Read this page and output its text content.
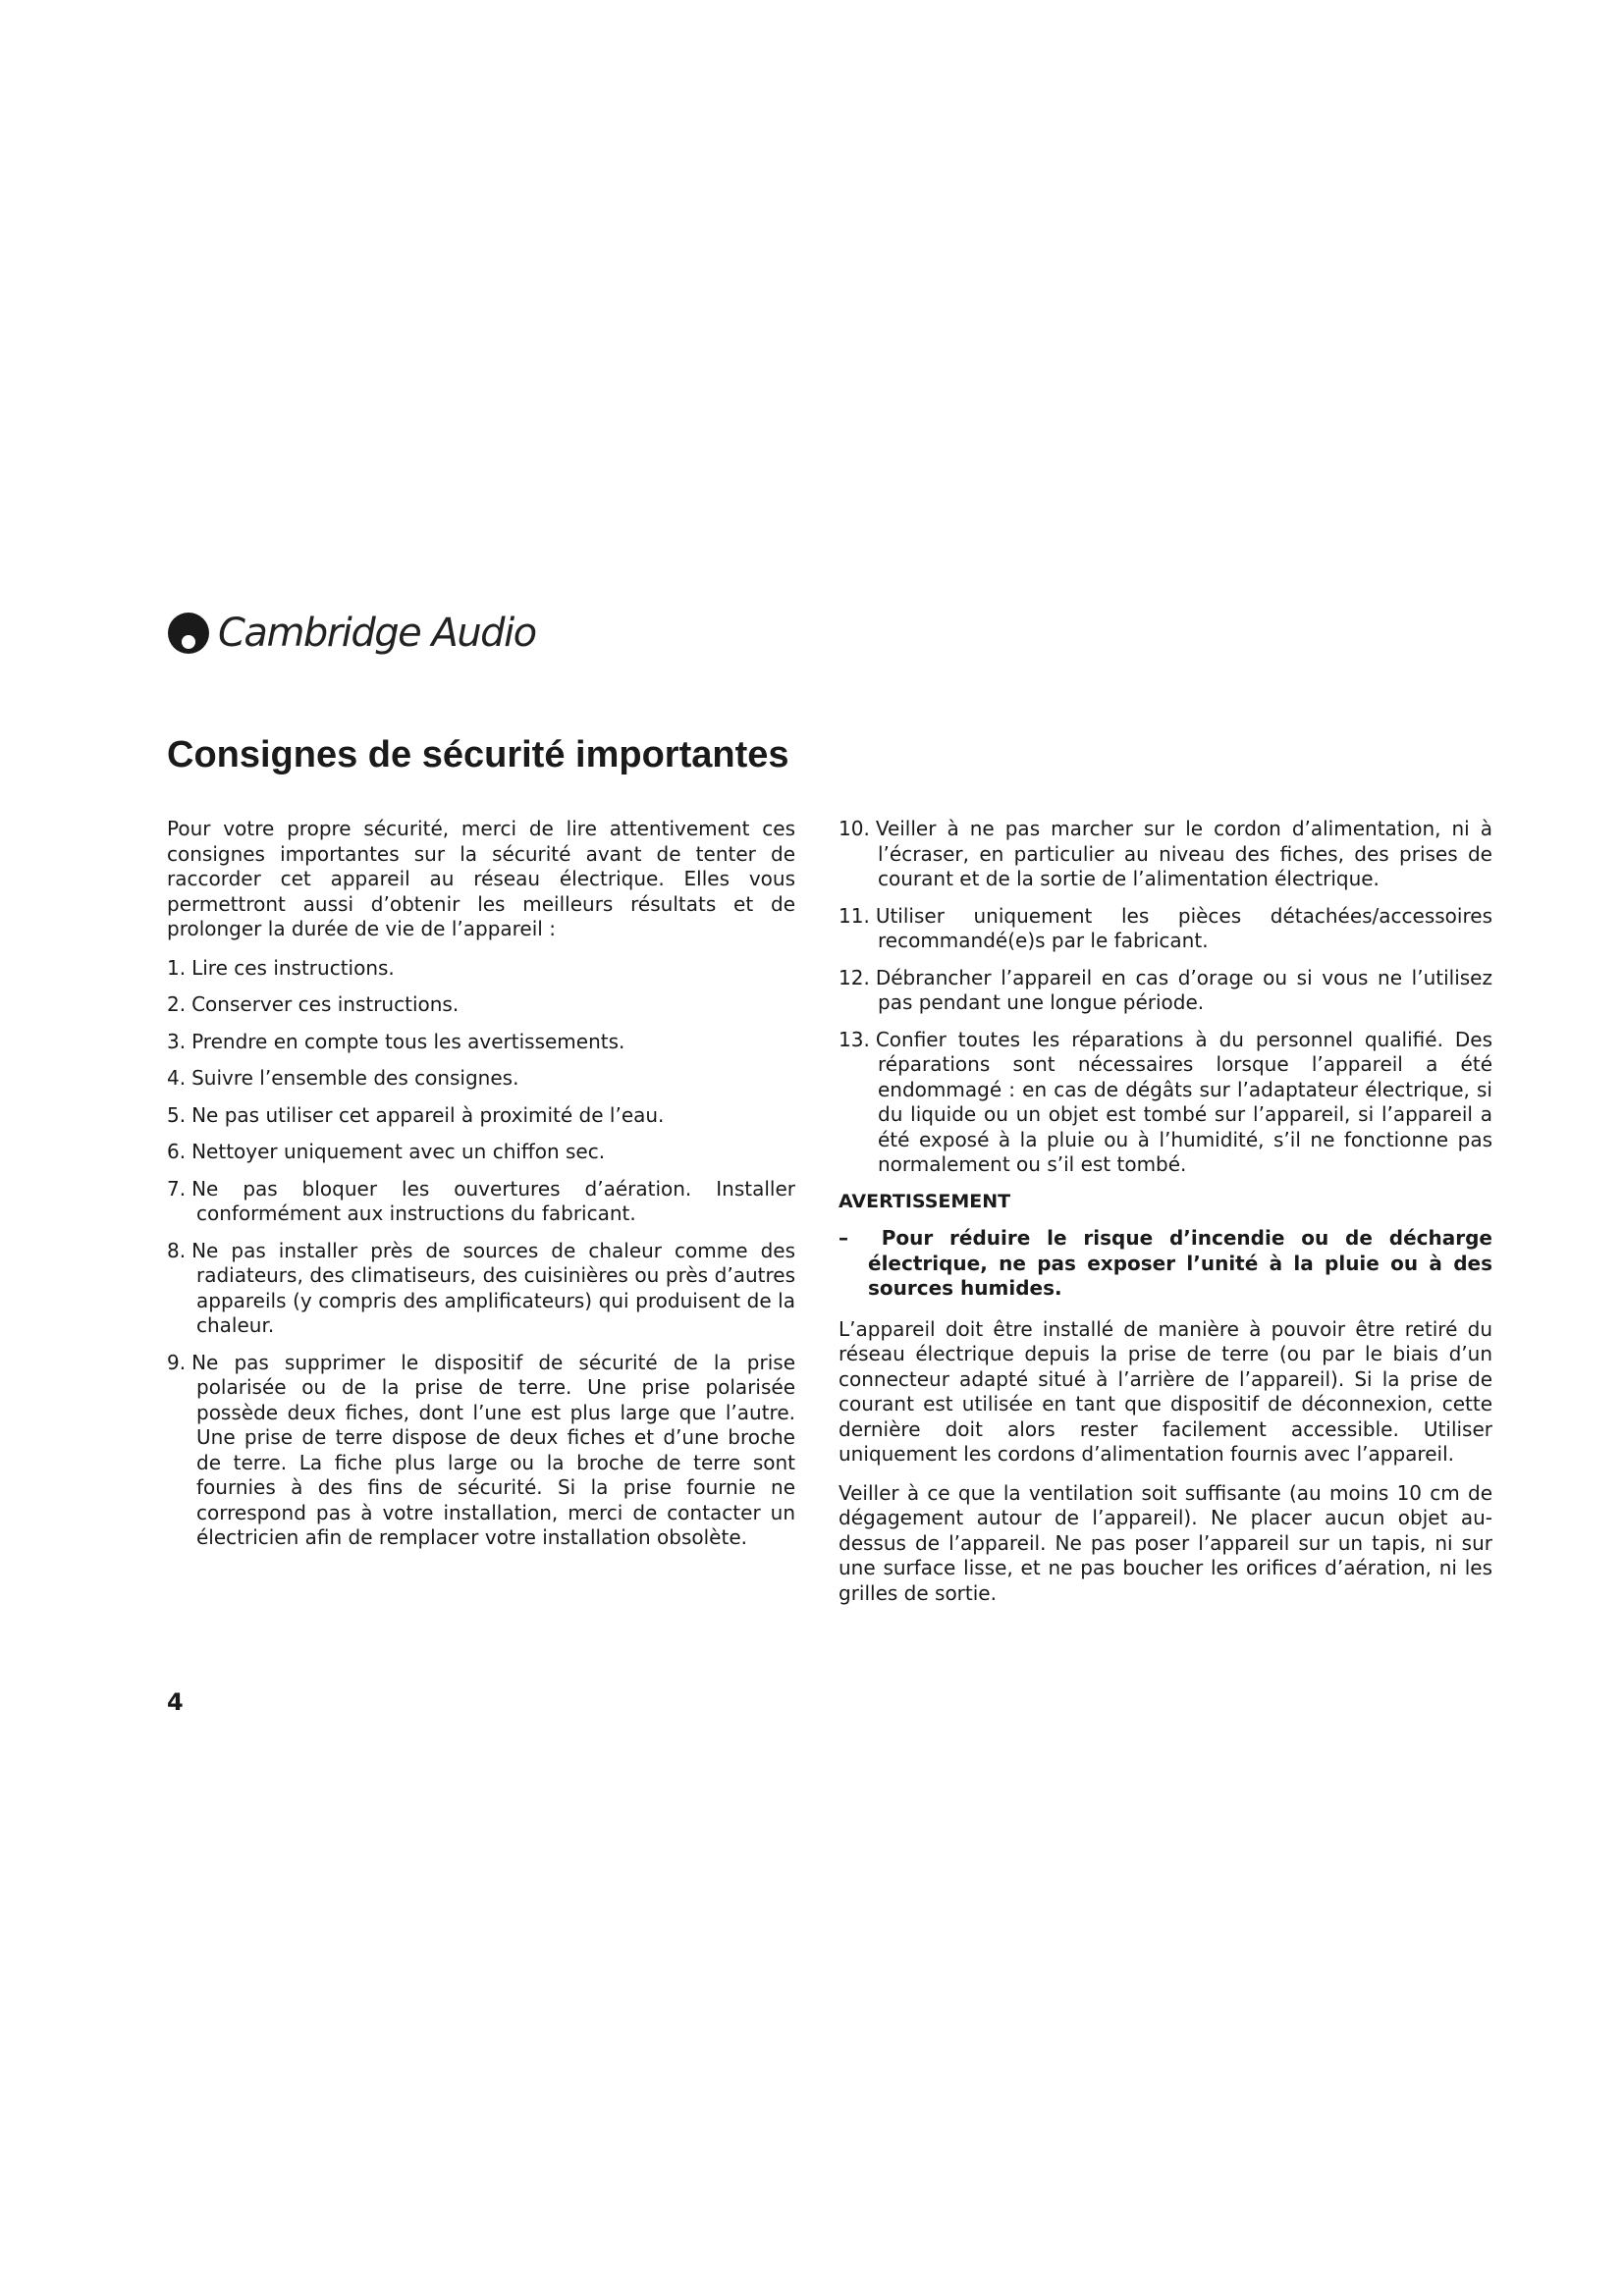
Cambridge Audio
Consignes de sécurité importantes

Pour votre propre sécurité, merci de lire attentivement ces consignes importantes sur la sécurité avant de tenter de raccorder cet appareil au réseau électrique. Elles vous permettront aussi d’obtenir les meilleurs résultats et de prolonger la durée de vie de l’appareil :

1. Lire ces instructions.

2. Conserver ces instructions.

3. Prendre en compte tous les avertissements.

4. Suivre l’ensemble des consignes.

5. Ne pas utiliser cet appareil à proximité de l’eau.

6. Nettoyer uniquement avec un chiffon sec.

7. Ne pas bloquer les ouvertures d’aération. Installer conformément aux instructions du fabricant.

8. Ne pas installer près de sources de chaleur comme des radiateurs, des climatiseurs, des cuisinières ou près d’autres appareils (y compris des amplificateurs) qui produisent de la chaleur.

9. Ne pas supprimer le dispositif de sécurité de la prise polarisée ou de la prise de terre. Une prise polarisée possède deux fiches, dont l’une est plus large que l’autre. Une prise de terre dispose de deux fiches et d’une broche de terre. La fiche plus large ou la broche de terre sont fournies à des fins de sécurité. Si la prise fournie ne correspond pas à votre installation, merci de contacter un électricien afin de remplacer votre installation obsolète.

10. Veiller à ne pas marcher sur le cordon d’alimentation, ni à l’écraser, en particulier au niveau des fiches, des prises de courant et de la sortie de l’alimentation électrique.

11. Utiliser uniquement les pièces détachées/accessoires recommandé(e)s par le fabricant.

12. Débrancher l’appareil en cas d’orage ou si vous ne l’utilisez pas pendant une longue période.

13. Confier toutes les réparations à du personnel qualifié. Des réparations sont nécessaires lorsque l’appareil a été endommagé : en cas de dégâts sur l’adaptateur électrique, si du liquide ou un objet est tombé sur l’appareil, si l’appareil a été exposé à la pluie ou à l’humidité, s’il ne fonctionne pas normalement ou s’il est tombé.

AVERTISSEMENT

– Pour réduire le risque d’incendie ou de décharge électrique, ne pas exposer l’unité à la pluie ou à des sources humides.

L’appareil doit être installé de manière à pouvoir être retiré du réseau électrique depuis la prise de terre (ou par le biais d’un connecteur adapté situé à l’arrière de l’appareil). Si la prise de courant est utilisée en tant que dispositif de déconnexion, cette dernière doit alors rester facilement accessible. Utiliser uniquement les cordons d’alimentation fournis avec l’appareil.

Veiller à ce que la ventilation soit suffisante (au moins 10 cm de dégagement autour de l’appareil). Ne placer aucun objet au-dessus de l’appareil. Ne pas poser l’appareil sur un tapis, ni sur une surface lisse, et ne pas boucher les orifices d’aération, ni les grilles de sortie.

4
